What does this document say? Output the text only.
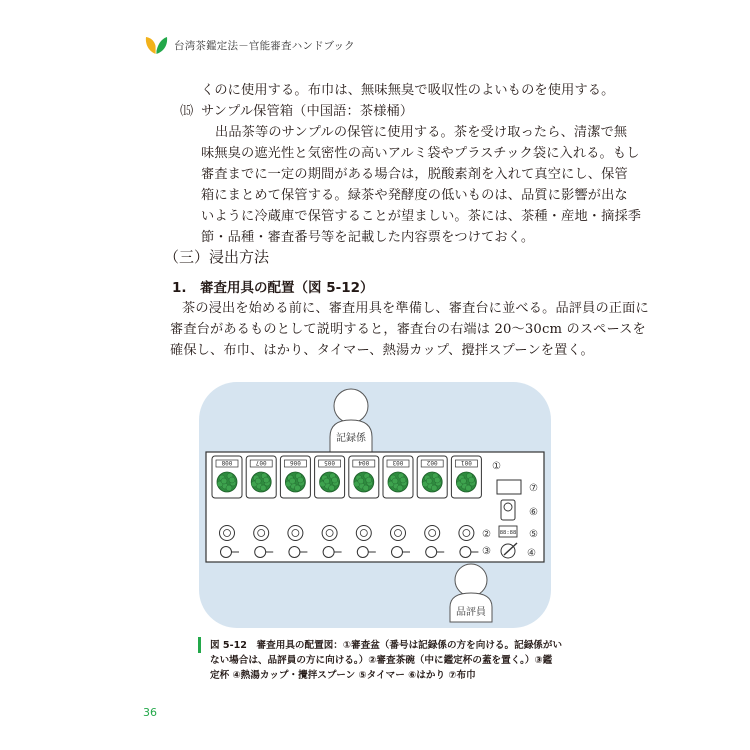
台湾茶鑑定法－官能審査ハンドブック
くのに使用する。布巾は、無味無臭で吸収性のよいものを使用する。
⒂ サンプル保管箱（中国語：茶様桶）
出品茶等のサンプルの保管に使用する。茶を受け取ったら、清潔で無
味無臭の遮光性と気密性の高いアルミ袋やプラスチック袋に入れる。もし
審査までに一定の期間がある場合は，脱酸素剤を入れて真空にし、保管
箱にまとめて保管する。緑茶や発酵度の低いものは、品質に影響が出な
いように冷蔵庫で保管することが望ましい。茶には、茶種・産地・摘採季
節・品種・審査番号等を記載した内容票をつけておく。
（三）浸出方法
1.　審査用具の配置（図 5-12）
茶の浸出を始める前に、審査用具を準備し、審査台に並べる。品評員の正面に
審査台があるものとして説明すると，審査台の右端は 20～30cm のスペースを
確保し、布巾、はかり、タイマー、熱湯カップ、攪拌スプーンを置く。
記録係
008	007	006	005	004	003	002	001 ①
⑦
⑥
⑤
②
③	④
88:88
品評員
図 5-12　審査用具の配置図：①審査盆（番号は記録係の方を向ける。記録係がい
ない場合は、品評員の方に向ける。）②審査茶碗（中に鑑定杯の蓋を置く。）③鑑
定杯 ④熱湯カップ・攪拌スプーン ⑤タイマー ⑥はかり ⑦布巾
36
